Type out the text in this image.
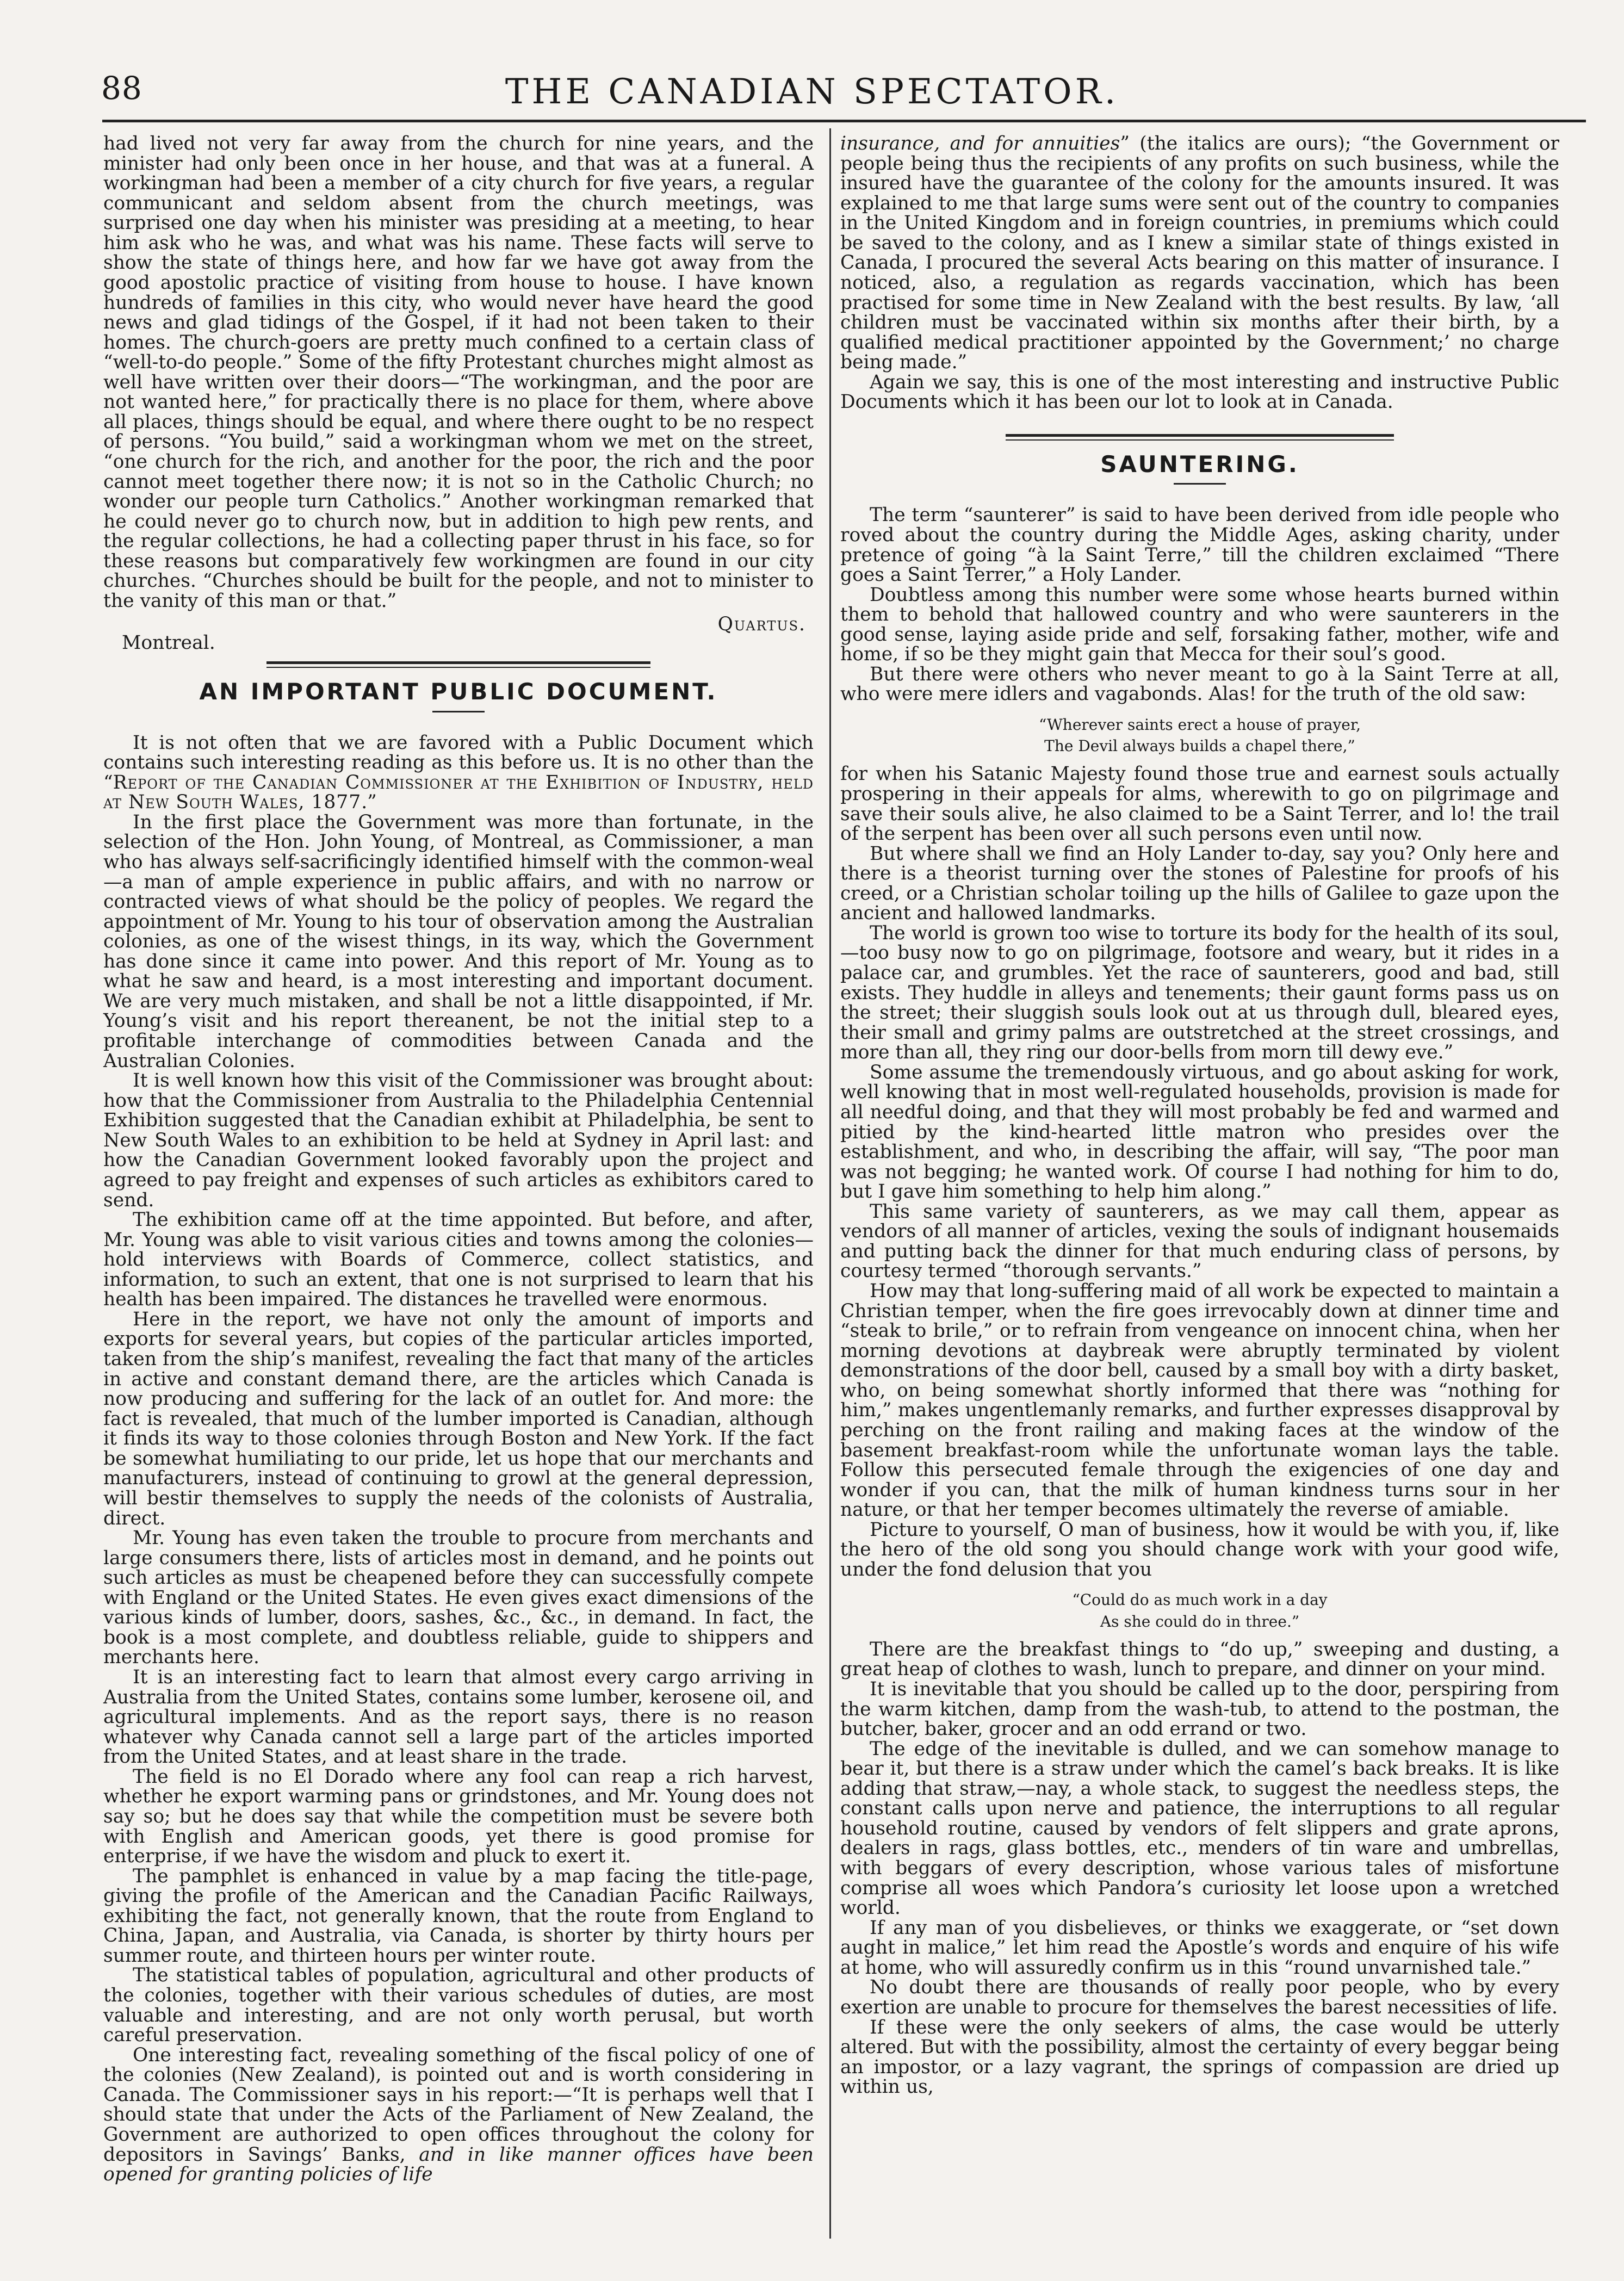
88	THE CANADIAN SPECTATOR.

had lived not very far away from the church for nine years, and the minister had only been once in her house, and that was at a funeral. A workingman had been a member of a city church for five years, a regular communicant and seldom absent from the church meetings, was surprised one day when his minister was presiding at a meeting, to hear him ask who he was, and what was his name. These facts will serve to show the state of things here, and how far we have got away from the good apostolic practice of visiting from house to house. I have known hundreds of families in this city, who would never have heard the good news and glad tidings of the Gospel, if it had not been taken to their homes. The church-goers are pretty much confined to a certain class of “well-to-do people.” Some of the fifty Protestant churches might almost as well have written over their doors—“The workingman, and the poor are not wanted here,” for practically there is no place for them, where above all places, things should be equal, and where there ought to be no respect of persons. “You build,” said a workingman whom we met on the street, “one church for the rich, and another for the poor, the rich and the poor cannot meet together there now; it is not so in the Catholic Church; no wonder our people turn Catholics.” Another workingman remarked that he could never go to church now, but in addition to high pew rents, and the regular collections, he had a collecting paper thrust in his face, so for these reasons but comparatively few workingmen are found in our city churches. “Churches should be built for the people, and not to minister to the vanity of this man or that.”

Montreal.
Quartus.
AN IMPORTANT PUBLIC DOCUMENT.

It is not often that we are favored with a Public Document which contains such interesting reading as this before us. It is no other than the “Report of the Canadian Commissioner at the Exhibition of Industry, held at New South Wales, 1877.”

In the first place the Government was more than fortunate, in the selection of the Hon. John Young, of Montreal, as Commissioner, a man who has always self-sacrificingly identified himself with the common-weal—a man of ample experience in public affairs, and with no narrow or contracted views of what should be the policy of peoples. We regard the appointment of Mr. Young to his tour of observation among the Australian colonies, as one of the wisest things, in its way, which the Government has done since it came into power. And this report of Mr. Young as to what he saw and heard, is a most interesting and important document. We are very much mistaken, and shall be not a little disappointed, if Mr. Young’s visit and his report thereanent, be not the initial step to a profitable interchange of commodities between Canada and the Australian Colonies.

It is well known how this visit of the Commissioner was brought about: how that the Commissioner from Australia to the Philadelphia Centennial Exhibition suggested that the Canadian exhibit at Philadelphia, be sent to New South Wales to an exhibition to be held at Sydney in April last: and how the Canadian Government looked favorably upon the project and agreed to pay freight and expenses of such articles as exhibitors cared to send.

The exhibition came off at the time appointed. But before, and after, Mr. Young was able to visit various cities and towns among the colonies—hold interviews with Boards of Commerce, collect statistics, and information, to such an extent, that one is not surprised to learn that his health has been impaired. The distances he travelled were enormous.

Here in the report, we have not only the amount of imports and exports for several years, but copies of the particular articles imported, taken from the ship’s manifest, revealing the fact that many of the articles in active and constant demand there, are the articles which Canada is now producing and suffering for the lack of an outlet for. And more: the fact is revealed, that much of the lumber imported is Canadian, although it finds its way to those colonies through Boston and New York. If the fact be somewhat humiliating to our pride, let us hope that our merchants and manufacturers, instead of continuing to growl at the general depression, will bestir themselves to supply the needs of the colonists of Australia, direct.

Mr. Young has even taken the trouble to procure from merchants and large consumers there, lists of articles most in demand, and he points out such articles as must be cheapened before they can successfully compete with England or the United States. He even gives exact dimensions of the various kinds of lumber, doors, sashes, &c., &c., in demand. In fact, the book is a most complete, and doubtless reliable, guide to shippers and merchants here.

It is an interesting fact to learn that almost every cargo arriving in Australia from the United States, contains some lumber, kerosene oil, and agricultural implements. And as the report says, there is no reason whatever why Canada cannot sell a large part of the articles imported from the United States, and at least share in the trade.

The field is no El Dorado where any fool can reap a rich harvest, whether he export warming pans or grindstones, and Mr. Young does not say so; but he does say that while the competition must be severe both with English and American goods, yet there is good promise for enterprise, if we have the wisdom and pluck to exert it.

The pamphlet is enhanced in value by a map facing the title-page, giving the profile of the American and the Canadian Pacific Railways, exhibiting the fact, not generally known, that the route from England to China, Japan, and Australia, via Canada, is shorter by thirty hours per summer route, and thirteen hours per winter route.

The statistical tables of population, agricultural and other products of the colonies, together with their various schedules of duties, are most valuable and interesting, and are not only worth perusal, but worth careful preservation.

One interesting fact, revealing something of the fiscal policy of one of the colonies (New Zealand), is pointed out and is worth considering in Canada. The Commissioner says in his report:—“It is perhaps well that I should state that under the Acts of the Parliament of New Zealand, the Government are authorized to open offices throughout the colony for depositors in Savings’ Banks, and in like manner offices have been opened for granting policies of life

insurance, and for annuities” (the italics are ours); “the Government or people being thus the recipients of any profits on such business, while the insured have the guarantee of the colony for the amounts insured. It was explained to me that large sums were sent out of the country to companies in the United Kingdom and in foreign countries, in premiums which could be saved to the colony, and as I knew a similar state of things existed in Canada, I procured the several Acts bearing on this matter of insurance. I noticed, also, a regulation as regards vaccination, which has been practised for some time in New Zealand with the best results. By law, ‘all children must be vaccinated within six months after their birth, by a qualified medical practitioner appointed by the Government;’ no charge being made.”

Again we say, this is one of the most interesting and instructive Public Documents which it has been our lot to look at in Canada.

SAUNTERING.

The term “saunterer” is said to have been derived from idle people who roved about the country during the Middle Ages, asking charity, under pretence of going “à la Saint Terre,” till the children exclaimed “There goes a Saint Terrer,” a Holy Lander.

Doubtless among this number were some whose hearts burned within them to behold that hallowed country and who were saunterers in the good sense, laying aside pride and self, forsaking father, mother, wife and home, if so be they might gain that Mecca for their soul’s good.

But there were others who never meant to go à la Saint Terre at all, who were mere idlers and vagabonds. Alas! for the truth of the old saw:

“Wherever saints erect a house of prayer,
The Devil always builds a chapel there,”

for when his Satanic Majesty found those true and earnest souls actually prospering in their appeals for alms, wherewith to go on pilgrimage and save their souls alive, he also claimed to be a Saint Terrer, and lo! the trail of the serpent has been over all such persons even until now.

But where shall we find an Holy Lander to-day, say you? Only here and there is a theorist turning over the stones of Palestine for proofs of his creed, or a Christian scholar toiling up the hills of Galilee to gaze upon the ancient and hallowed landmarks.

The world is grown too wise to torture its body for the health of its soul,—too busy now to go on pilgrimage, footsore and weary, but it rides in a palace car, and grumbles. Yet the race of saunterers, good and bad, still exists. They huddle in alleys and tenements; their gaunt forms pass us on the street; their sluggish souls look out at us through dull, bleared eyes, their small and grimy palms are outstretched at the street crossings, and more than all, they ring our door-bells from morn till dewy eve.”

Some assume the tremendously virtuous, and go about asking for work, well knowing that in most well-regulated households, provision is made for all needful doing, and that they will most probably be fed and warmed and pitied by the kind-hearted little matron who presides over the establishment, and who, in describing the affair, will say, “The poor man was not begging; he wanted work. Of course I had nothing for him to do, but I gave him something to help him along.”

This same variety of saunterers, as we may call them, appear as vendors of all manner of articles, vexing the souls of indignant housemaids and putting back the dinner for that much enduring class of persons, by courtesy termed “thorough servants.”

How may that long-suffering maid of all work be expected to maintain a Christian temper, when the fire goes irrevocably down at dinner time and “steak to brile,” or to refrain from vengeance on innocent china, when her morning devotions at daybreak were abruptly terminated by violent demonstrations of the door bell, caused by a small boy with a dirty basket, who, on being somewhat shortly informed that there was “nothing for him,” makes ungentlemanly remarks, and further expresses disapproval by perching on the front railing and making faces at the window of the basement breakfast-room while the unfortunate woman lays the table. Follow this persecuted female through the exigencies of one day and wonder if you can, that the milk of human kindness turns sour in her nature, or that her temper becomes ultimately the reverse of amiable.

Picture to yourself, O man of business, how it would be with you, if, like the hero of the old song you should change work with your good wife, under the fond delusion that you

“Could do as much work in a day
As she could do in three.”

There are the breakfast things to “do up,” sweeping and dusting, a great heap of clothes to wash, lunch to prepare, and dinner on your mind.

It is inevitable that you should be called up to the door, perspiring from the warm kitchen, damp from the wash-tub, to attend to the postman, the butcher, baker, grocer and an odd errand or two.

The edge of the inevitable is dulled, and we can somehow manage to bear it, but there is a straw under which the camel’s back breaks. It is like adding that straw,—nay, a whole stack, to suggest the needless steps, the constant calls upon nerve and patience, the interruptions to all regular household routine, caused by vendors of felt slippers and grate aprons, dealers in rags, glass bottles, etc., menders of tin ware and umbrellas, with beggars of every description, whose various tales of misfortune comprise all woes which Pandora’s curiosity let loose upon a wretched world.

If any man of you disbelieves, or thinks we exaggerate, or “set down aught in malice,” let him read the Apostle’s words and enquire of his wife at home, who will assuredly confirm us in this “round unvarnished tale.”

No doubt there are thousands of really poor people, who by every exertion are unable to procure for themselves the barest necessities of life.

If these were the only seekers of alms, the case would be utterly altered. But with the possibility, almost the certainty of every beggar being an impostor, or a lazy vagrant, the springs of compassion are dried up within us,
